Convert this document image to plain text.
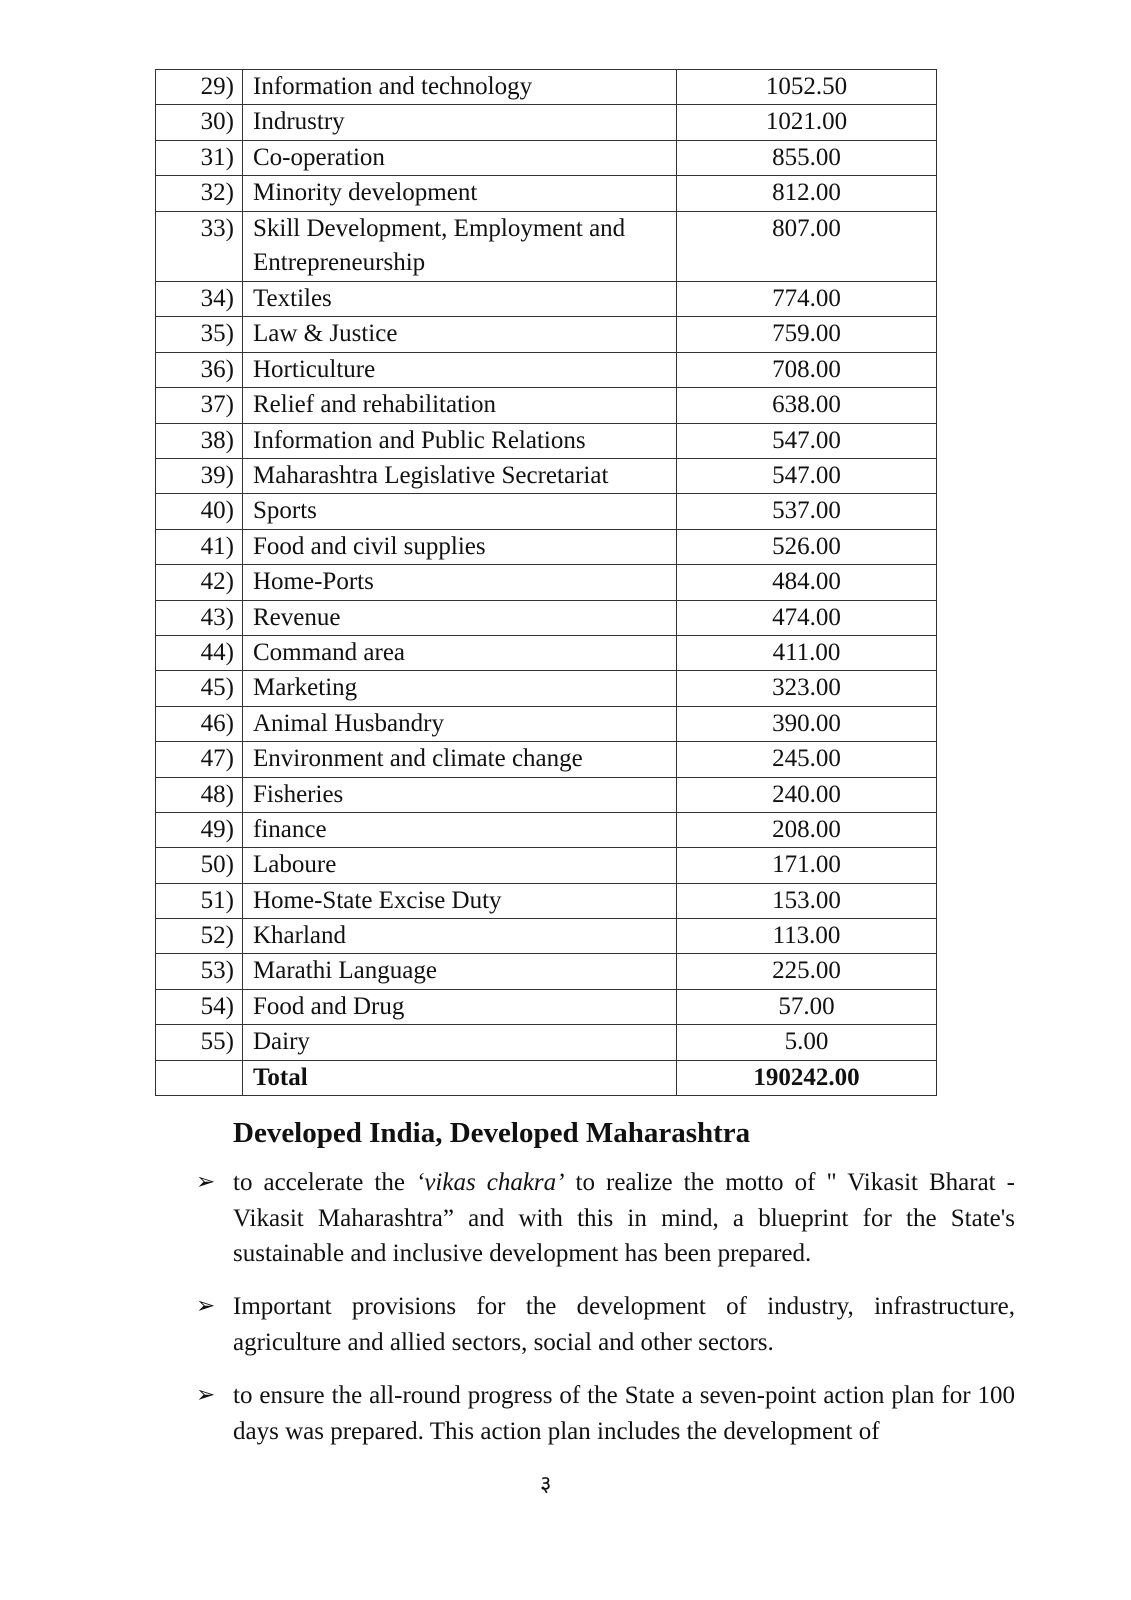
29)	Information and technology	1052.50
30)	Indrustry	1021.00
31)	Co-operation	855.00
32)	Minority development	812.00
33)	Skill Development, Employment and Entrepreneurship	807.00
34)	Textiles	774.00
35)	Law & Justice	759.00
36)	Horticulture	708.00
37)	Relief and rehabilitation	638.00
38)	Information and Public Relations	547.00
39)	Maharashtra Legislative Secretariat	547.00
40)	Sports	537.00
41)	Food and civil supplies	526.00
42)	Home-Ports	484.00
43)	Revenue	474.00
44)	Command area	411.00
45)	Marketing	323.00
46)	Animal Husbandry	390.00
47)	Environment and climate change	245.00
48)	Fisheries	240.00
49)	finance	208.00
50)	Laboure	171.00
51)	Home-State Excise Duty	153.00
52)	Kharland	113.00
53)	Marathi Language	225.00
54)	Food and Drug	57.00
55)	Dairy	5.00
	Total	190242.00
Developed India, Developed Maharashtra
➢ to accelerate the ‘vikas chakra’ to realize the motto of " Vikasit Bharat - Vikasit Maharashtra” and with this in mind, a blueprint for the State's sustainable and inclusive development has been prepared.
➢ Important provisions for the development of industry, infrastructure, agriculture and allied sectors, social and other sectors.
➢ to ensure the all-round progress of the State a seven-point action plan for 100 days was prepared. This action plan includes the development of
३
